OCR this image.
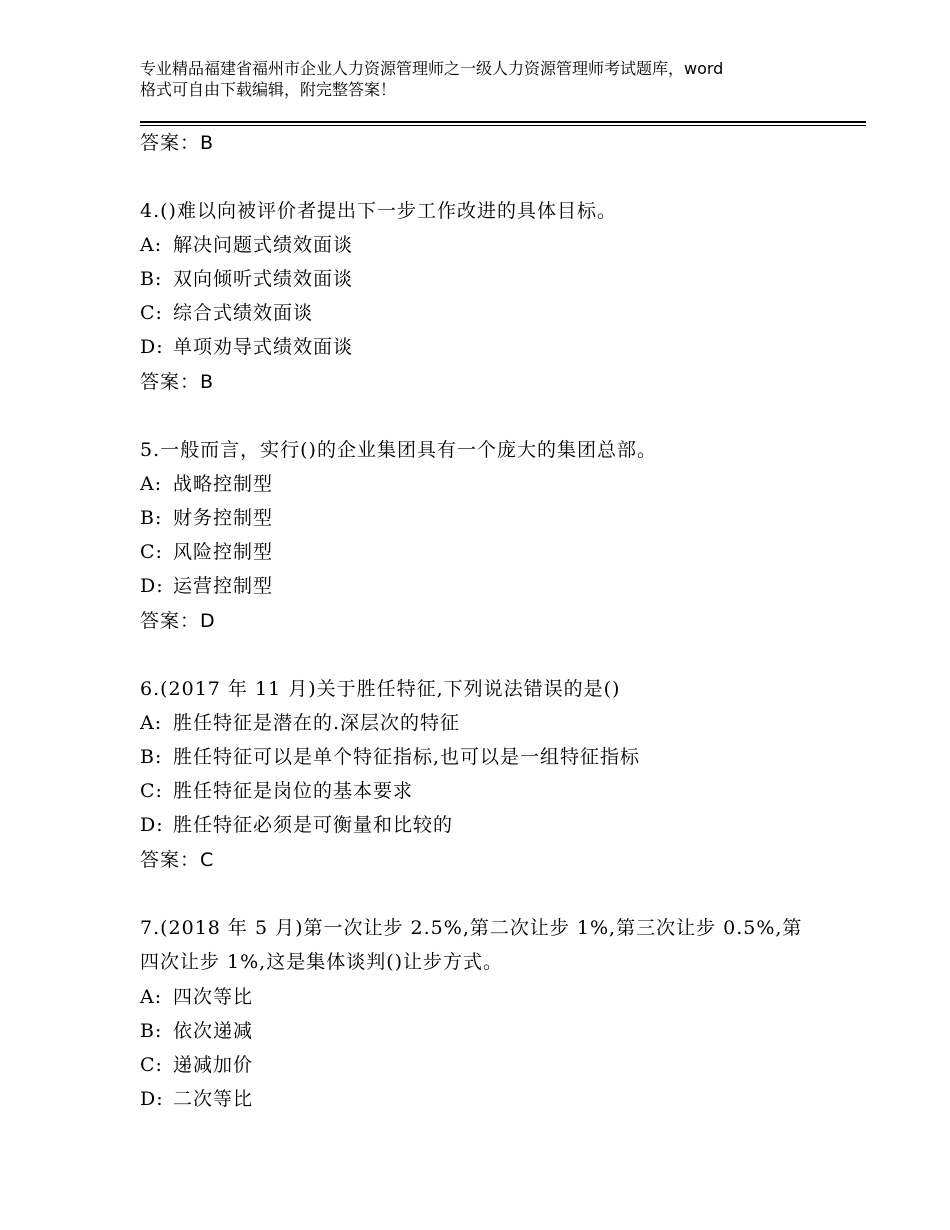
专业精品福建省福州市企业人力资源管理师之一级人力资源管理师考试题库，word
格式可自由下载编辑，附完整答案！
答案：B
4.()难以向被评价者提出下一步工作改进的具体目标。
A: 解决问题式绩效面谈
B: 双向倾听式绩效面谈
C: 综合式绩效面谈
D: 单项劝导式绩效面谈
答案：B
5.一般而言，实行()的企业集团具有一个庞大的集团总部。
A: 战略控制型
B: 财务控制型
C: 风险控制型
D: 运营控制型
答案：D
6.(2017 年 11 月)关于胜任特征,下列说法错误的是()
A: 胜任特征是潜在的.深层次的特征
B: 胜任特征可以是单个特征指标,也可以是一组特征指标
C: 胜任特征是岗位的基本要求
D: 胜任特征必须是可衡量和比较的
答案：C
7.(2018 年 5 月)第一次让步 2.5%,第二次让步 1%,第三次让步 0.5%,第
四次让步 1%,这是集体谈判()让步方式。
A: 四次等比
B: 依次递减
C: 递减加价
D: 二次等比
